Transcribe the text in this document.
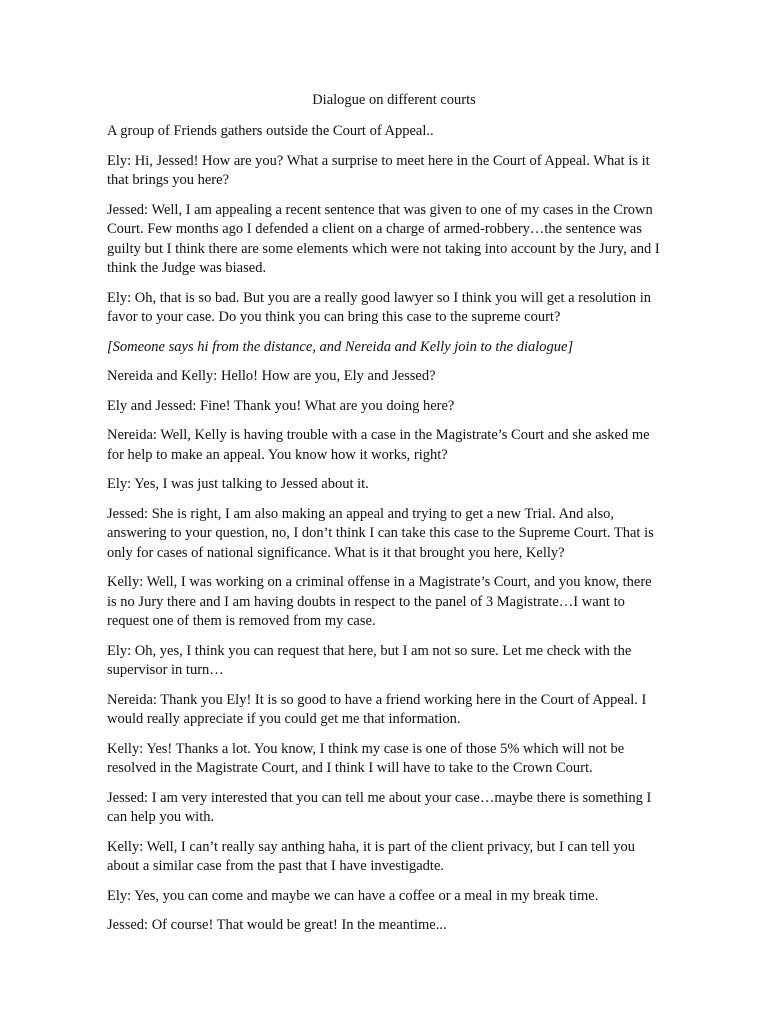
Dialogue on different courts

A group of Friends gathers outside the Court of Appeal..

Ely: Hi, Jessed! How are you? What a surprise to meet here in the Court of Appeal. What is it that brings you here?

Jessed: Well, I am appealing a recent sentence that was given to one of my cases in the Crown Court. Few months ago I defended a client on a charge of armed-robbery…the sentence was guilty but I think there are some elements which were not taking into account by the Jury, and I think the Judge was biased.

Ely: Oh, that is so bad. But you are a really good lawyer so I think you will get a resolution in favor to your case. Do you think you can bring this case to the supreme court?

[Someone says hi from the distance, and Nereida and Kelly join to the dialogue]

Nereida and Kelly: Hello! How are you, Ely and Jessed?

Ely and Jessed: Fine! Thank you! What are you doing here?

Nereida: Well, Kelly is having trouble with a case in the Magistrate’s Court and she asked me for help to make an appeal. You know how it works, right?

Ely: Yes, I was just talking to Jessed about it.

Jessed: She is right, I am also making an appeal and trying to get a new Trial. And also, answering to your question, no, I don’t think I can take this case to the Supreme Court. That is only for cases of national significance. What is it that brought you here, Kelly?

Kelly: Well, I was working on a criminal offense in a Magistrate’s Court, and you know, there is no Jury there and I am having doubts in respect to the panel of 3 Magistrate…I want to request one of them is removed from my case.

Ely: Oh, yes, I think you can request that here, but I am not so sure. Let me check with the supervisor in turn…

Nereida: Thank you Ely! It is so good to have a friend working here in the Court of Appeal. I would really appreciate if you could get me that information.

Kelly: Yes! Thanks a lot. You know, I think my case is one of those 5% which will not be resolved in the Magistrate Court, and I think I will have to take to the Crown Court.

Jessed: I am very interested that you can tell me about your case…maybe there is something I can help you with.

Kelly: Well, I can’t really say anthing haha, it is part of the client privacy, but I can tell you about a similar case from the past that I have investigadte.

Ely: Yes, you can come and maybe we can have a coffee or a meal in my break time.

Jessed: Of course! That would be great! In the meantime...
